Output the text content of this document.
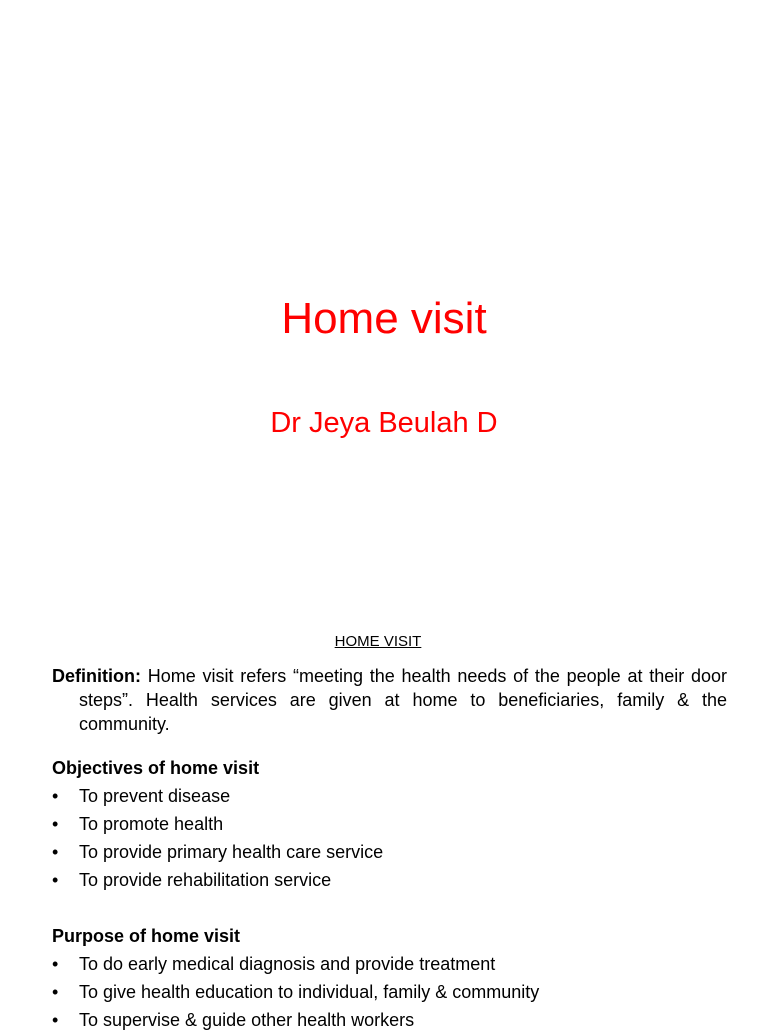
Home visit
Dr Jeya Beulah D
HOME VISIT

Definition: Home visit refers “meeting the health needs of the people at their door steps”. Health services are given at home to beneficiaries, family & the community.

Objectives of home visit
• To prevent disease
• To promote health
• To provide primary health care service
• To provide rehabilitation service
Purpose of home visit
• To do early medical diagnosis and provide treatment
• To give health education to individual, family & community
• To supervise & guide other health workers
